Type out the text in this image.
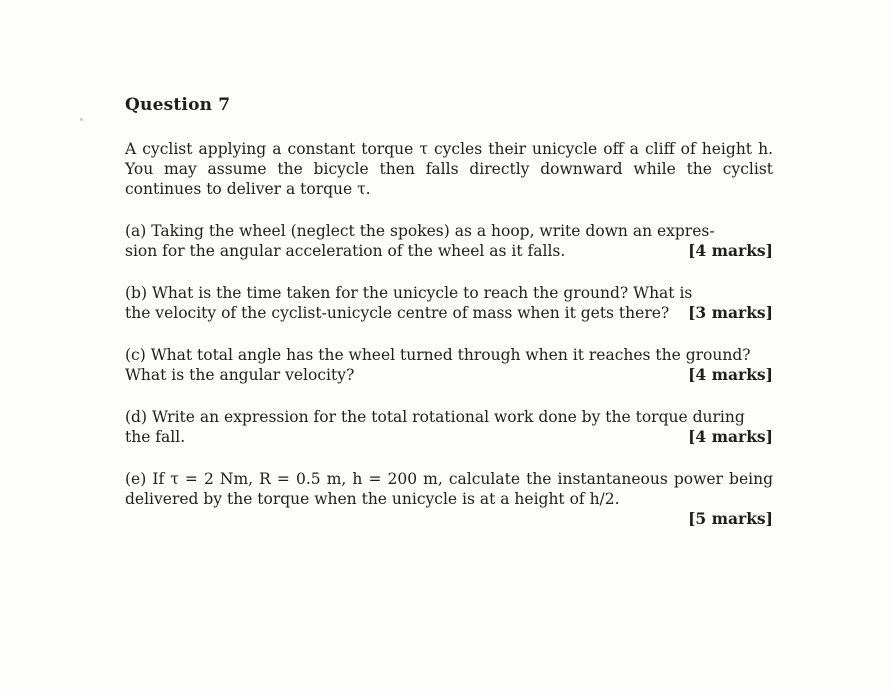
Question 7
A cyclist applying a constant torque τ cycles their unicycle off a cliff of height h. You may assume the bicycle then falls directly downward while the cyclist continues to deliver a torque τ.
(a) Taking the wheel (neglect the spokes) as a hoop, write down an expres-
sion for the angular acceleration of the wheel as it falls.	[4 marks]
(b) What is the time taken for the unicycle to reach the ground? What is
the velocity of the cyclist-unicycle centre of mass when it gets there? [3 marks]
(c) What total angle has the wheel turned through when it reaches the ground?
What is the angular velocity?	[4 marks]
(d) Write an expression for the total rotational work done by the torque during
the fall.	[4 marks]
(e) If τ = 2 Nm, R = 0.5 m, h = 200 m, calculate the instantaneous power being delivered by the torque when the unicycle is at a height of h/2.
[5 marks]
